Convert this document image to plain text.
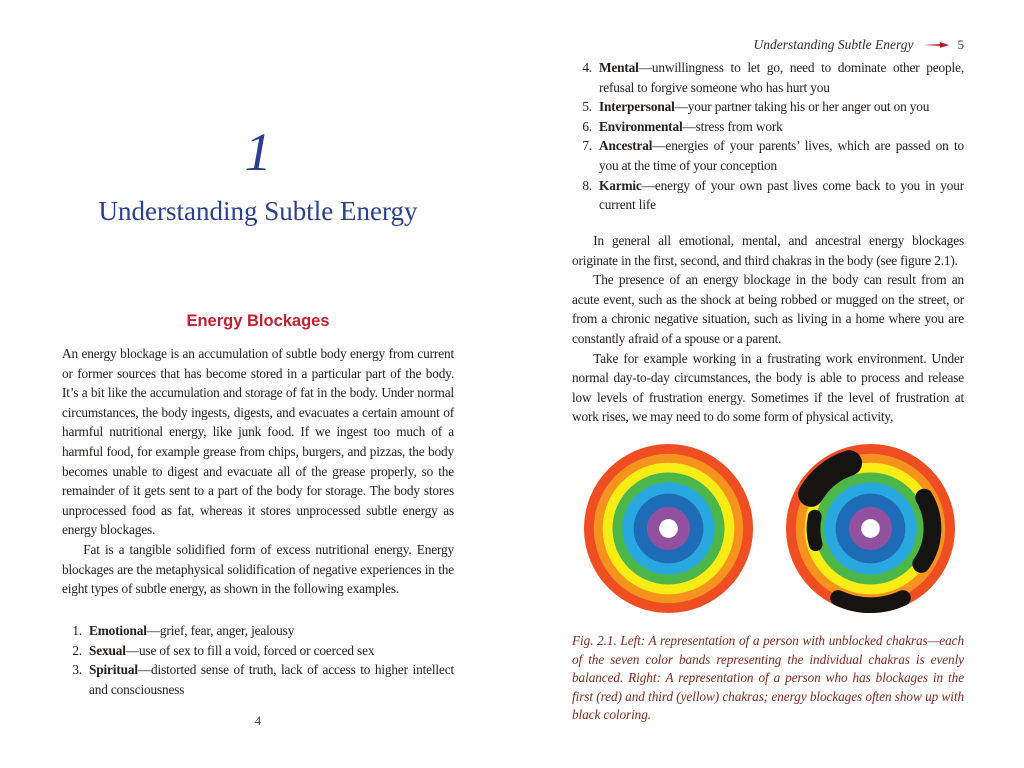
1
Understanding Subtle Energy
Energy Blockages

An energy blockage is an accumulation of subtle body energy from current or former sources that has become stored in a particular part of the body. It’s a bit like the accumulation and storage of fat in the body. Under normal circumstances, the body ingests, digests, and evacuates a certain amount of harmful nutritional energy, like junk food. If we ingest too much of a harmful food, for example grease from chips, burgers, and pizzas, the body becomes unable to digest and evacuate all of the grease properly, so the remainder of it gets sent to a part of the body for storage. The body stores unprocessed food as fat, whereas it stores unprocessed subtle energy as energy blockages.

Fat is a tangible solidified form of excess nutritional energy. Energy blockages are the metaphysical solidification of negative experiences in the eight types of subtle energy, as shown in the following examples.

1. Emotional—grief, fear, anger, jealousy
2. Sexual—use of sex to fill a void, forced or coerced sex
3. Spiritual—distorted sense of truth, lack of access to higher intellect and consciousness
4
Understanding Subtle Energy	5
4. Mental—unwillingness to let go, need to dominate other people, refusal to forgive someone who has hurt you
5. Interpersonal—your partner taking his or her anger out on you
6. Environmental—stress from work
7. Ancestral—energies of your parents’ lives, which are passed on to you at the time of your conception
8. Karmic—energy of your own past lives come back to you in your current life

In general all emotional, mental, and ancestral energy blockages originate in the first, second, and third chakras in the body (see figure 2.1).

The presence of an energy blockage in the body can result from an acute event, such as the shock at being robbed or mugged on the street, or from a chronic negative situation, such as living in a home where you are constantly afraid of a spouse or a parent.

Take for example working in a frustrating work environment. Under normal day-to-day circumstances, the body is able to process and release low levels of frustration energy. Sometimes if the level of frustration at work rises, we may need to do some form of physical activity,

Fig. 2.1. Left: A representation of a person with unblocked chakras—each of the seven color bands representing the individual chakras is evenly balanced. Right: A representation of a person who has blockages in the first (red) and third (yellow) chakras; energy blockages often show up with black coloring.
